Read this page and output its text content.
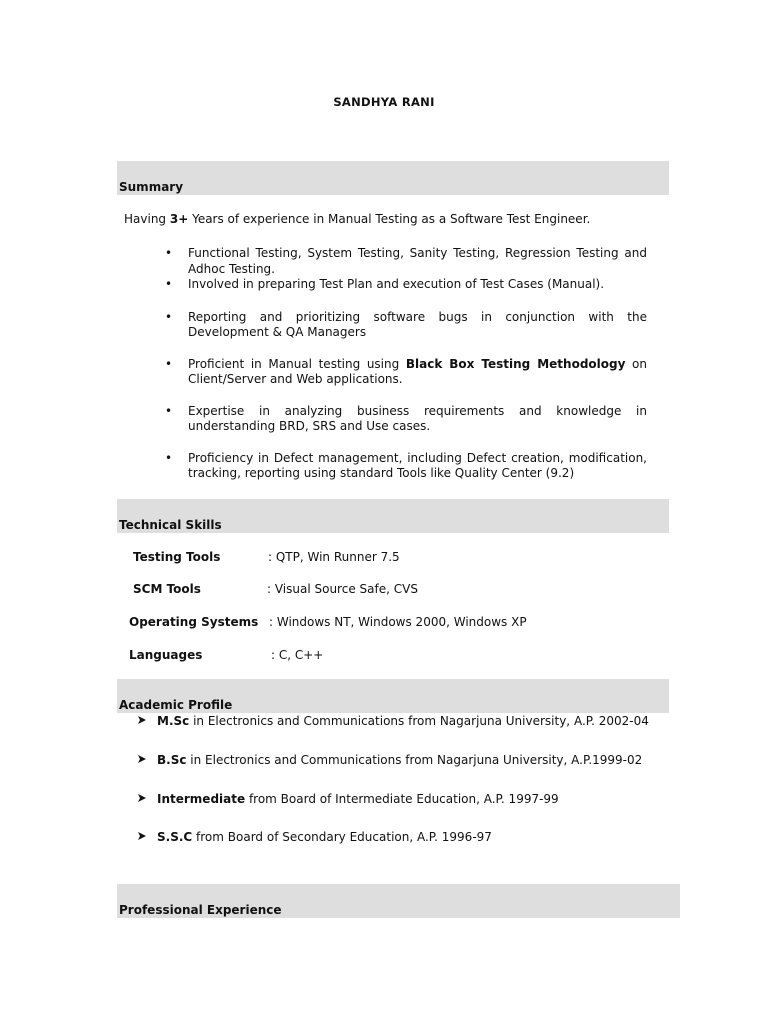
SANDHYA RANI
Summary
Having 3+ Years of experience in Manual Testing as a Software Test Engineer.
• Functional Testing, System Testing, Sanity Testing, Regression Testing and Adhoc Testing.
• Involved in preparing Test Plan and execution of Test Cases (Manual).
• Reporting and prioritizing software bugs in conjunction with the Development & QA Managers
• Proficient in Manual testing using Black Box Testing Methodology on Client/Server and Web applications.
• Expertise in analyzing business requirements and knowledge in understanding BRD, SRS and Use cases.
• Proficiency in Defect management, including Defect creation, modification, tracking, reporting using standard Tools like Quality Center (9.2)
Technical Skills
Testing Tools	: QTP, Win Runner 7.5
SCM Tools	: Visual Source Safe, CVS
Operating Systems : Windows NT, Windows 2000, Windows XP
Languages	: C, C++
Academic Profile
M.Sc in Electronics and Communications from Nagarjuna University, A.P. 2002-04
B.Sc in Electronics and Communications from Nagarjuna University, A.P.1999-02
Intermediate from Board of Intermediate Education, A.P. 1997-99
S.S.C from Board of Secondary Education, A.P. 1996-97
Professional Experience
